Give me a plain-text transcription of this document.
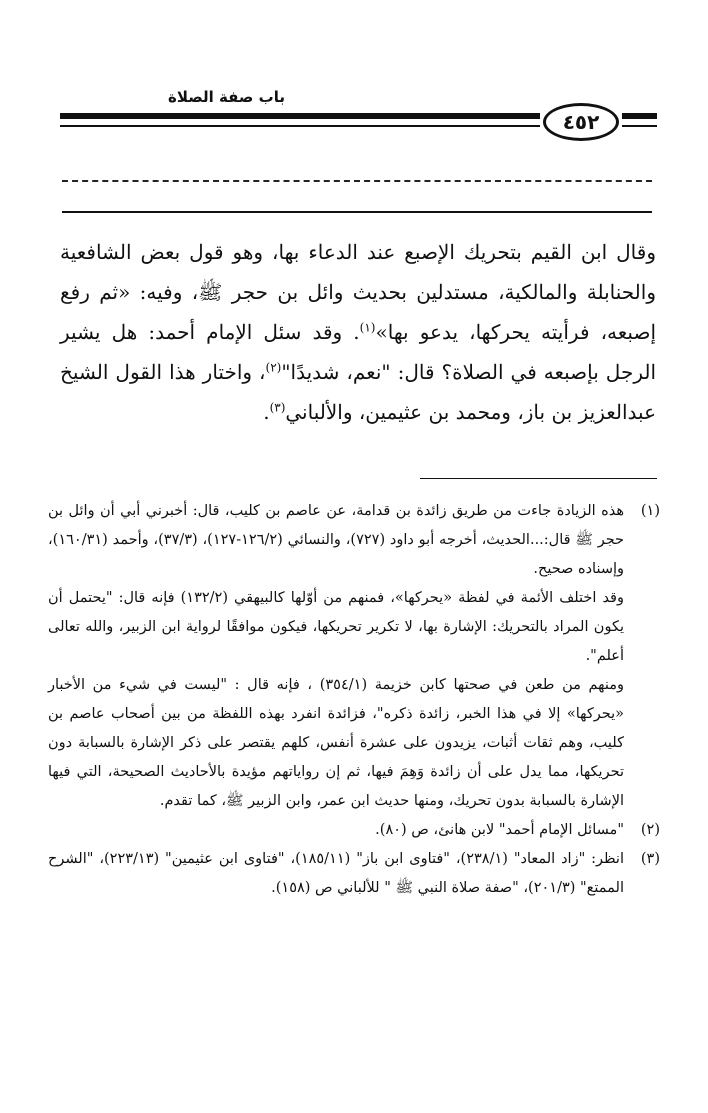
باب صفة الصلاة
٤٥٢

وقال ابن القيم بتحريك الإصبع عند الدعاء بها، وهو قول بعض الشافعية والحنابلة والمالكية، مستدلين بحديث وائل بن حجر ﷺ، وفيه: «ثم رفع إصبعه، فرأيته يحركها، يدعو بها»$^{(١)}$. وقد سئل الإمام أحمد: هل يشير الرجل بإصبعه في الصلاة؟ قال: "نعم، شديدًا"$^{(٢)}$، واختار هذا القول الشيخ عبدالعزيز بن باز، ومحمد بن عثيمين، والألباني$^{(٣)}$.

(١)

هذه الزيادة جاءت من طريق زائدة بن قدامة، عن عاصم بن كليب، قال: أخبرني أبي أن وائل بن حجر ﷺ قال:...الحديث، أخرجه أبو داود (٧٢٧)، والنسائي (١٢٦/٢-١٢٧)، (٣٧/٣)، وأحمد (١٦٠/٣١)، وإسناده صحيح.

وقد اختلف الأئمة في لفظة «يحركها»، فمنهم من أوّلها كالبيهقي (١٣٢/٢) فإنه قال: "يحتمل أن يكون المراد بالتحريك: الإشارة بها، لا تكرير تحريكها، فيكون موافقًا لرواية ابن الزبير، والله تعالى أعلم".

ومنهم من طعن في صحتها كابن خزيمة (٣٥٤/١) ، فإنه قال : "ليست في شيء من الأخبار «يحركها» إلا في هذا الخبر، زائدة ذكره"، فزائدة انفرد بهذه اللفظة من بين أصحاب عاصم بن كليب، وهم ثقات أثبات، يزيدون على عشرة أنفس، كلهم يقتصر على ذكر الإشارة بالسبابة دون تحريكها، مما يدل على أن زائدة وَهِمَ فيها، ثم إن رواياتهم مؤيدة بالأحاديث الصحيحة، التي فيها الإشارة بالسبابة بدون تحريك، ومنها حديث ابن عمر، وابن الزبير ﷺ، كما تقدم.

(٢)

"مسائل الإمام أحمد" لابن هانئ، ص (٨٠).

(٣)

انظر: "زاد المعاد" (٢٣٨/١)، "فتاوى ابن باز" (١٨٥/١١)، "فتاوى ابن عثيمين" (٢٢٣/١٣)، "الشرح الممتع" (٢٠١/٣)، "صفة صلاة النبي ﷺ " للألباني ص (١٥٨).
